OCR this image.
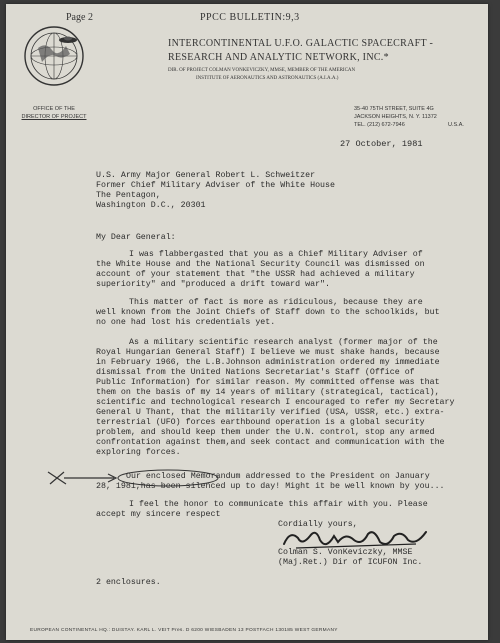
Page 2	PPCC BULLETIN:9,3
INTERCONTINENTAL U.F.O. GALACTIC SPACECRAFT -
RESEARCH AND ANALYTIC NETWORK, INC.*
DIR. OF PROJECT COLMAN VONKEVICZKY, MMSE, MEMBER OF THE AMERICAN
INSTITUTE OF AERONAUTICS AND ASTRONAUTICS (A.I.A.A.)
35-40 75TH STREET, SUITE 4G
JACKSON HEIGHTS, N. Y. 11372
TEL. (212) 672-7946	U.S.A.
OFFICE OF THE
DIRECTOR OF PROJECT
27 October, 1981
U.S. Army Major General Robert L. Schweitzer
Former Chief Military Adviser of the White House
The Pentagon,
Washington D.C., 20301
My Dear General:
I was flabbergasted that you as a Chief Military Adviser of
the White House and the National Security Council was dismissed on
account of your statement that "the USSR had achieved a military
superiority" and "produced a drift toward war".
This matter of fact is more as ridiculous, because they are
well known from the Joint Chiefs of Staff down to the schoolkids, but
no one had lost his credentials yet.
As a military scientific research analyst (former major of the
Royal Hungarian General Staff) I believe we must shake hands, because
in February 1966, the L.B.Johnson administration ordered my immediate
dismissal from the United Nations Secretariat's Staff (Office of
Public Information) for similar reason. My committed offense was that
them on the basis of my 14 years of military (strategical, tactical),
scientific and technological research I encouraged to refer my Secretary
General U Thant, that the militarily verified (USA, USSR, etc.) extra-
terrestrial (UFO) forces earthbound operation is a global security
problem, and should keep them under the U.N. control, stop any armed
confrontation against them,and seek contact and communication with the
exploring forces.
Our enclosed Memorandum addressed to the President on January
28, 1981,has been silenced up to day! Might it be well known by you...
I feel the honor to communicate this affair with you. Please
accept my sincere respect
Cordially yours,
Colman S. VonKeviczky, MMSE
(Maj.Ret.) Dir of ICUFON Inc.
2 enclosures.
EUROPEAN CONTINENTAL HQ.: DUISTAY. KARL L. VEIT Pres. D 6200 WIESBADEN 13 POSTFACH 130185 WEST GERMANY
